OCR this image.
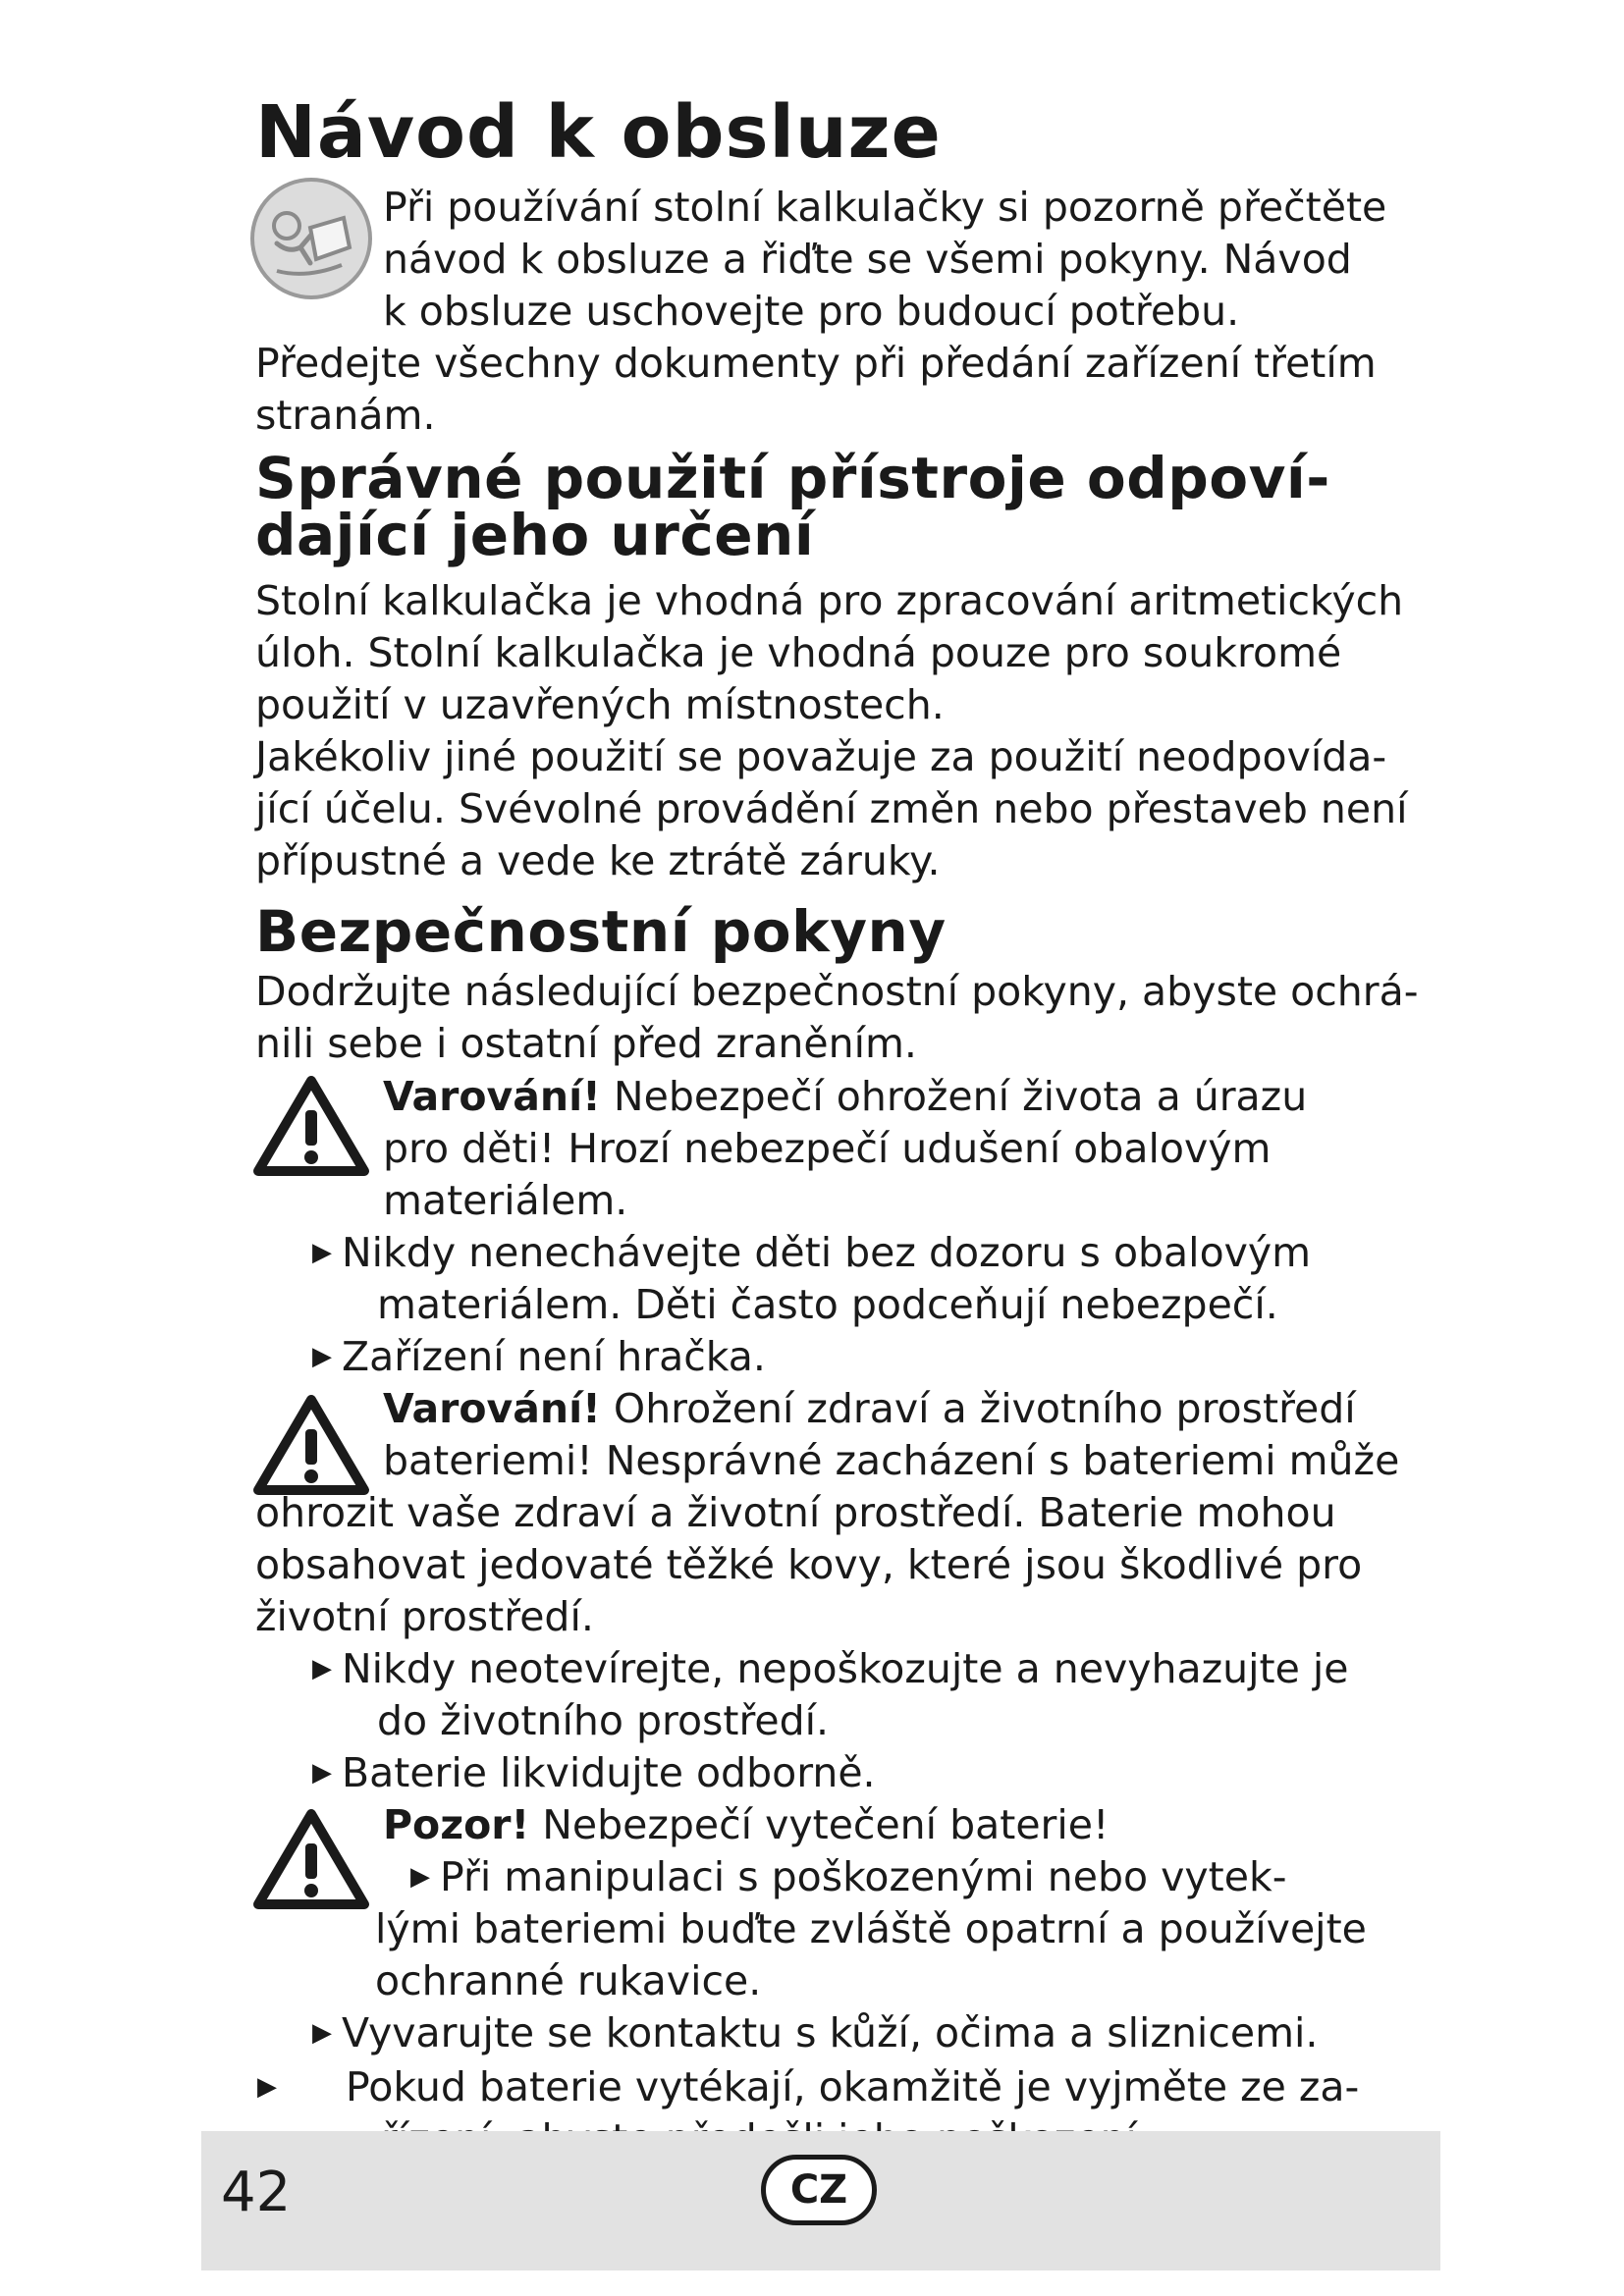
Návod k obsluze
Při používání stolní kalkulačky si pozorně přečtěte
návod k obsluze a řiďte se všemi pokyny. Návod
k obsluze uschovejte pro budoucí potřebu.
Předejte všechny dokumenty při předání zařízení třetím
stranám.
Správné použití přístroje odpoví-
dající jeho určení
Stolní kalkulačka je vhodná pro zpracování aritmetických
úloh. Stolní kalkulačka je vhodná pouze pro soukromé
použití v uzavřených místnostech.
Jakékoliv jiné použití se považuje za použití neodpovída-
jící účelu. Svévolné provádění změn nebo přestaveb není
přípustné a vede ke ztrátě záruky.
Bezpečnostní pokyny
Dodržujte následující bezpečnostní pokyny, abyste ochrá-
nili sebe i ostatní před zraněním.
Varování! Nebezpečí ohrožení života a úrazu
pro děti! Hrozí nebezpečí udušení obalovým
materiálem.
▶ Nikdy nenechávejte děti bez dozoru s obalovým
materiálem. Děti často podceňují nebezpečí.
▶ Zařízení není hračka.
Varování! Ohrožení zdraví a životního prostředí
bateriemi! Nesprávné zacházení s bateriemi může
ohrozit vaše zdraví a životní prostředí. Baterie mohou
obsahovat jedovaté těžké kovy, které jsou škodlivé pro
životní prostředí.
▶ Nikdy neotevírejte, nepoškozujte a nevyhazujte je
do životního prostředí.
▶ Baterie likvidujte odborně.
Pozor! Nebezpečí vytečení baterie!
▶ Při manipulaci s poškozenými nebo vytek-
lými bateriemi buďte zvláště opatrní a používejte
ochranné rukavice.
▶ Vyvarujte se kontaktu s kůží, očima a sliznicemi.
▶ Pokud baterie vytékají, okamžitě je vyjměte ze za-
42	CZ
